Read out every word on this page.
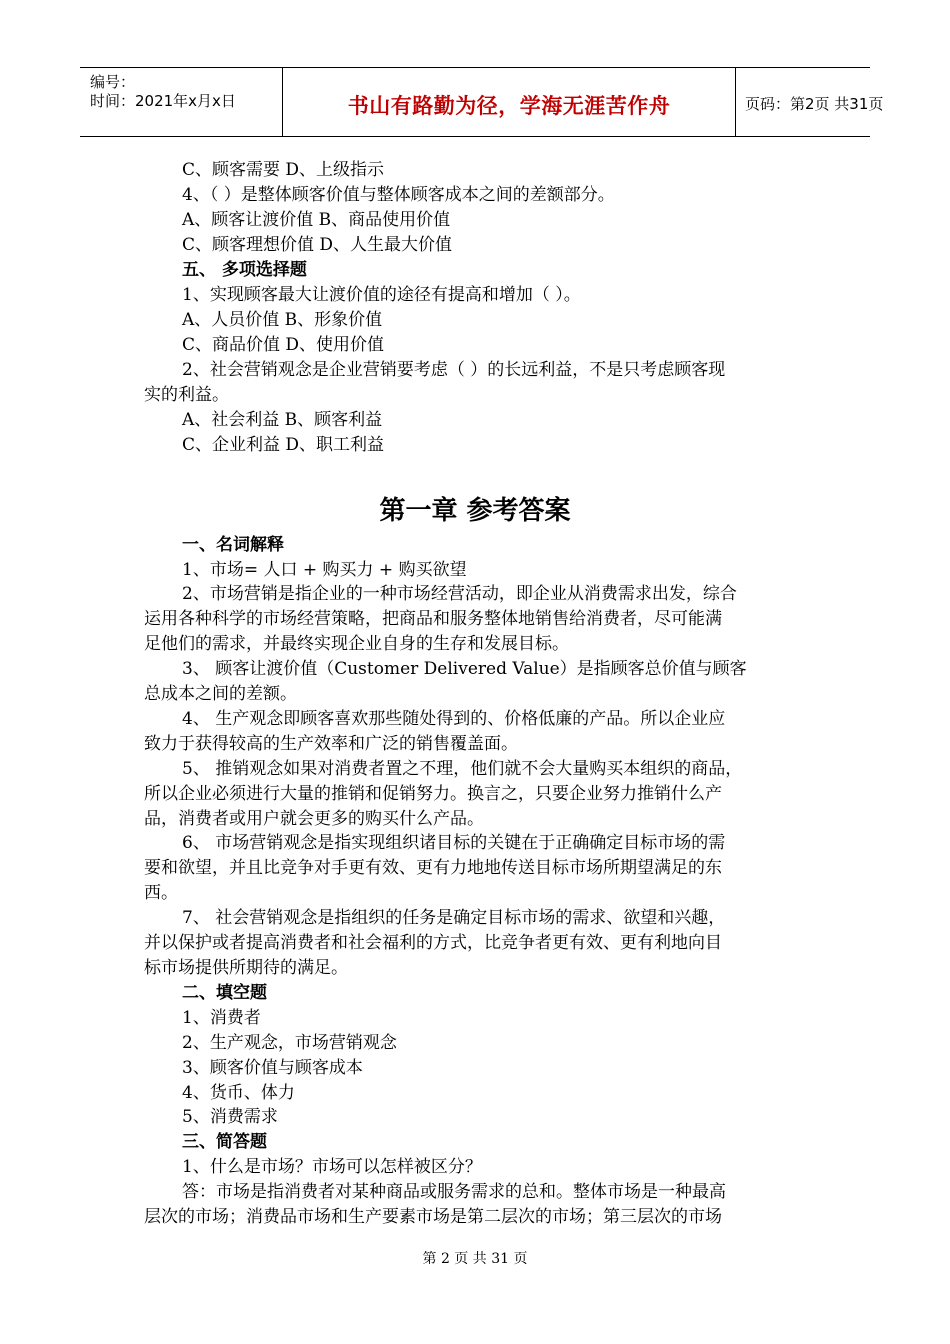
编号：
时间：2021年x月x日	书山有路勤为径，学海无涯苦作舟	页码：第2页 共31页
C、顾客需要 D、上级指示
4、（ ）是整体顾客价值与整体顾客成本之间的差额部分。
A、顾客让渡价值 B、商品使用价值
C、顾客理想价值 D、人生最大价值
五、 多项选择题
1、实现顾客最大让渡价值的途径有提高和增加（ ）。
A、人员价值 B、形象价值
C、商品价值 D、使用价值
2、社会营销观念是企业营销要考虑（ ）的长远利益，不是只考虑顾客现
实的利益。
A、社会利益 B、顾客利益
C、企业利益 D、职工利益
第一章 参考答案
一、名词解释
1、市场= 人口 + 购买力 + 购买欲望
2、市场营销是指企业的一种市场经营活动，即企业从消费需求出发，综合
运用各种科学的市场经营策略，把商品和服务整体地销售给消费者，尽可能满
足他们的需求，并最终实现企业自身的生存和发展目标。
3、 顾客让渡价值（Customer Delivered Value）是指顾客总价值与顾客
总成本之间的差额。
4、 生产观念即顾客喜欢那些随处得到的、价格低廉的产品。所以企业应
致力于获得较高的生产效率和广泛的销售覆盖面。
5、 推销观念如果对消费者置之不理，他们就不会大量购买本组织的商品，
所以企业必须进行大量的推销和促销努力。换言之，只要企业努力推销什么产
品，消费者或用户就会更多的购买什么产品。
6、 市场营销观念是指实现组织诸目标的关键在于正确确定目标市场的需
要和欲望，并且比竞争对手更有效、更有力地地传送目标市场所期望满足的东
西。
7、 社会营销观念是指组织的任务是确定目标市场的需求、欲望和兴趣，
并以保护或者提高消费者和社会福利的方式，比竞争者更有效、更有利地向目
标市场提供所期待的满足。
二、填空题
1、消费者
2、生产观念，市场营销观念
3、顾客价值与顾客成本
4、货币、体力
5、消费需求
三、简答题
1、什么是市场？市场可以怎样被区分？
答：市场是指消费者对某种商品或服务需求的总和。整体市场是一种最高
层次的市场；消费品市场和生产要素市场是第二层次的市场；第三层次的市场
第 2 页 共 31 页
